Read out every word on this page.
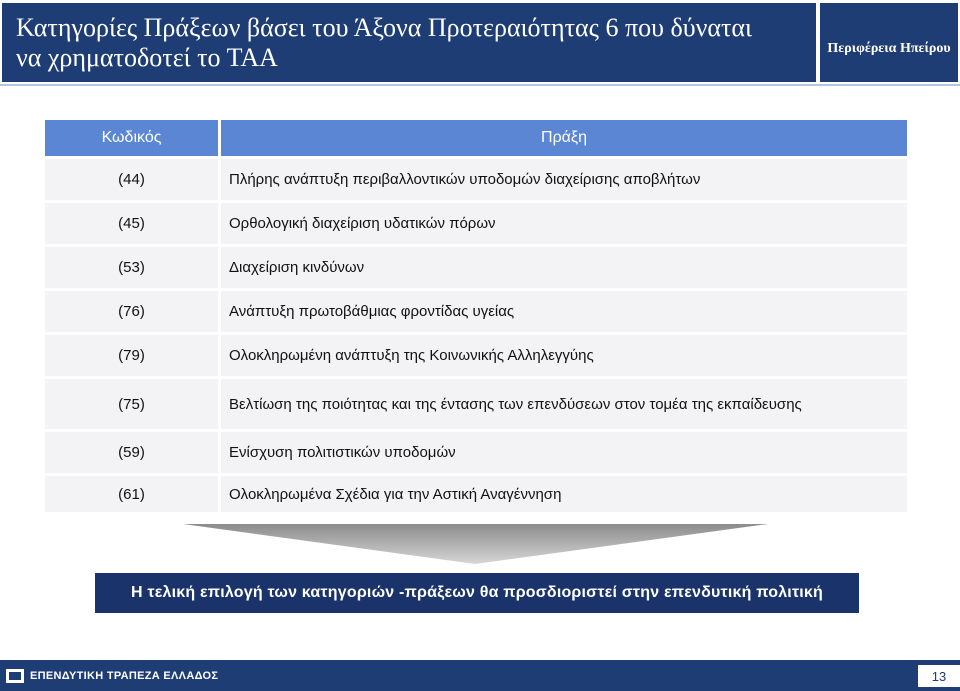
Κατηγορίες Πράξεων βάσει του Άξονα Προτεραιότητας 6 που δύναται
να χρηματοδοτεί το ΤΑΑ	Περιφέρεια Ηπείρου
Κωδικός	Πράξη
(44)	Πλήρης ανάπτυξη περιβαλλοντικών υποδομών διαχείρισης αποβλήτων
(45)	Ορθολογική διαχείριση υδατικών πόρων
(53)	Διαχείριση κινδύνων
(76)	Ανάπτυξη πρωτοβάθμιας φροντίδας υγείας
(79)	Ολοκληρωμένη ανάπτυξη της Κοινωνικής Αλληλεγγύης
(75)	Βελτίωση της ποιότητας και της έντασης των επενδύσεων στον τομέα της εκπαίδευσης
(59)	Ενίσχυση πολιτιστικών υποδομών
(61)	Ολοκληρωμένα Σχέδια για την Αστική Αναγέννηση
Η τελική επιλογή των κατηγοριών -πράξεων θα προσδιοριστεί στην επενδυτική πολιτική
ΕΠΕΝΔΥΤΙΚΗ ΤΡΑΠΕΖΑ ΕΛΛΑΔΟΣ	13
